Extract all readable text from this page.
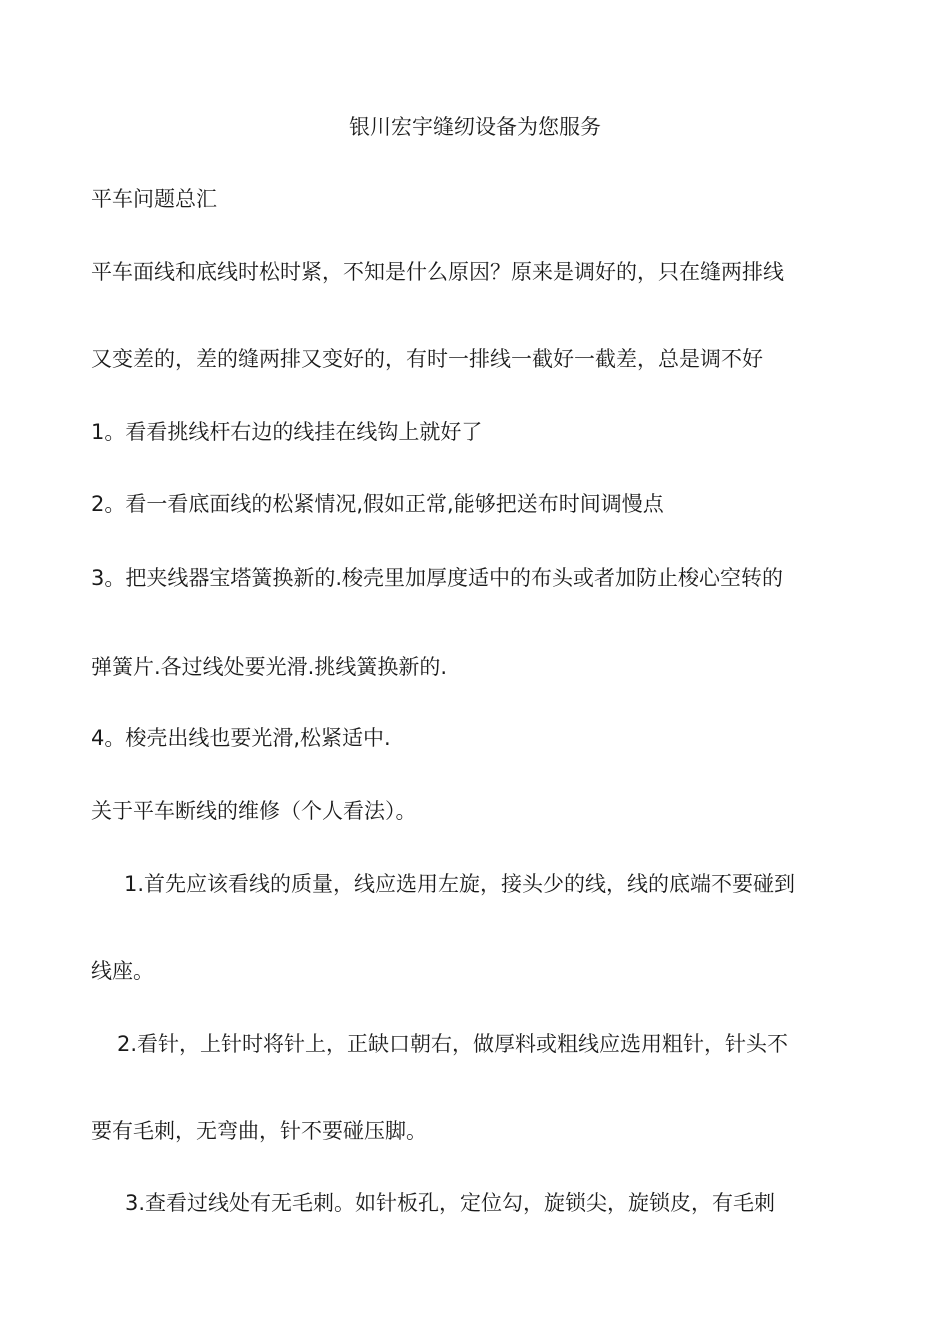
银川宏宇缝纫设备为您服务
平车问题总汇
平车面线和底线时松时紧，不知是什么原因？原来是调好的，只在缝两排线
又变差的，差的缝两排又变好的，有时一排线一截好一截差，总是调不好
1。看看挑线杆右边的线挂在线钩上就好了
2。看一看底面线的松紧情况,假如正常,能够把送布时间调慢点
3。把夹线器宝塔簧换新的.梭壳里加厚度适中的布头或者加防止梭心空转的
弹簧片.各过线处要光滑.挑线簧换新的.
4。梭壳出线也要光滑,松紧适中.
关于平车断线的维修（个人看法）。
1.首先应该看线的质量，线应选用左旋，接头少的线，线的底端不要碰到
线座。
2.看针，上针时将针上，正缺口朝右，做厚料或粗线应选用粗针，针头不
要有毛刺，无弯曲，针不要碰压脚。
3.查看过线处有无毛刺。如针板孔，定位勾，旋锁尖，旋锁皮，有毛刺
